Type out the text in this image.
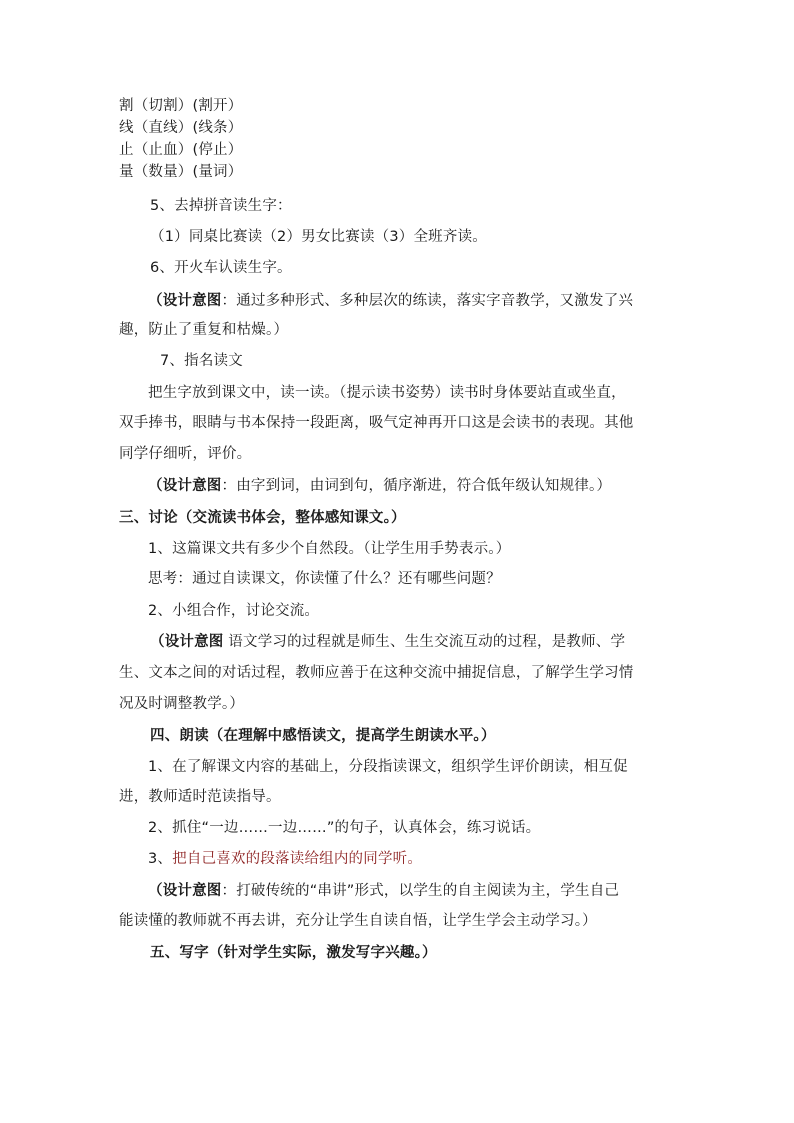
割（切割）(割开）
线（直线）(线条）
止（止血）(停止）
量（数量）(量词）
5、去掉拼音读生字：
（1）同桌比赛读（2）男女比赛读（3）全班齐读。
6、开火车认读生字。
（设计意图：通过多种形式、多种层次的练读，落实字音教学，又激发了兴
趣，防止了重复和枯燥。）
7、指名读文
把生字放到课文中，读一读。（提示读书姿势）读书时身体要站直或坐直，
双手捧书，眼睛与书本保持一段距离，吸气定神再开口这是会读书的表现。其他
同学仔细听，评价。
（设计意图：由字到词，由词到句，循序渐进，符合低年级认知规律。）
三、讨论（交流读书体会，整体感知课文。）
1、这篇课文共有多少个自然段。（让学生用手势表示。）
思考：通过自读课文，你读懂了什么？还有哪些问题？
2、小组合作，讨论交流。
（设计意图 语文学习的过程就是师生、生生交流互动的过程，是教师、学
生、文本之间的对话过程，教师应善于在这种交流中捕捉信息，了解学生学习情
况及时调整教学。）
四、朗读（在理解中感悟读文，提高学生朗读水平。）
1、在了解课文内容的基础上，分段指读课文，组织学生评价朗读，相互促
进，教师适时范读指导。
2、抓住“一边……一边……”的句子，认真体会，练习说话。
3、把自己喜欢的段落读给组内的同学听。
（设计意图：打破传统的“串讲”形式，以学生的自主阅读为主，学生自己
能读懂的教师就不再去讲，充分让学生自读自悟，让学生学会主动学习。）
五、写字（针对学生实际，激发写字兴趣。）
